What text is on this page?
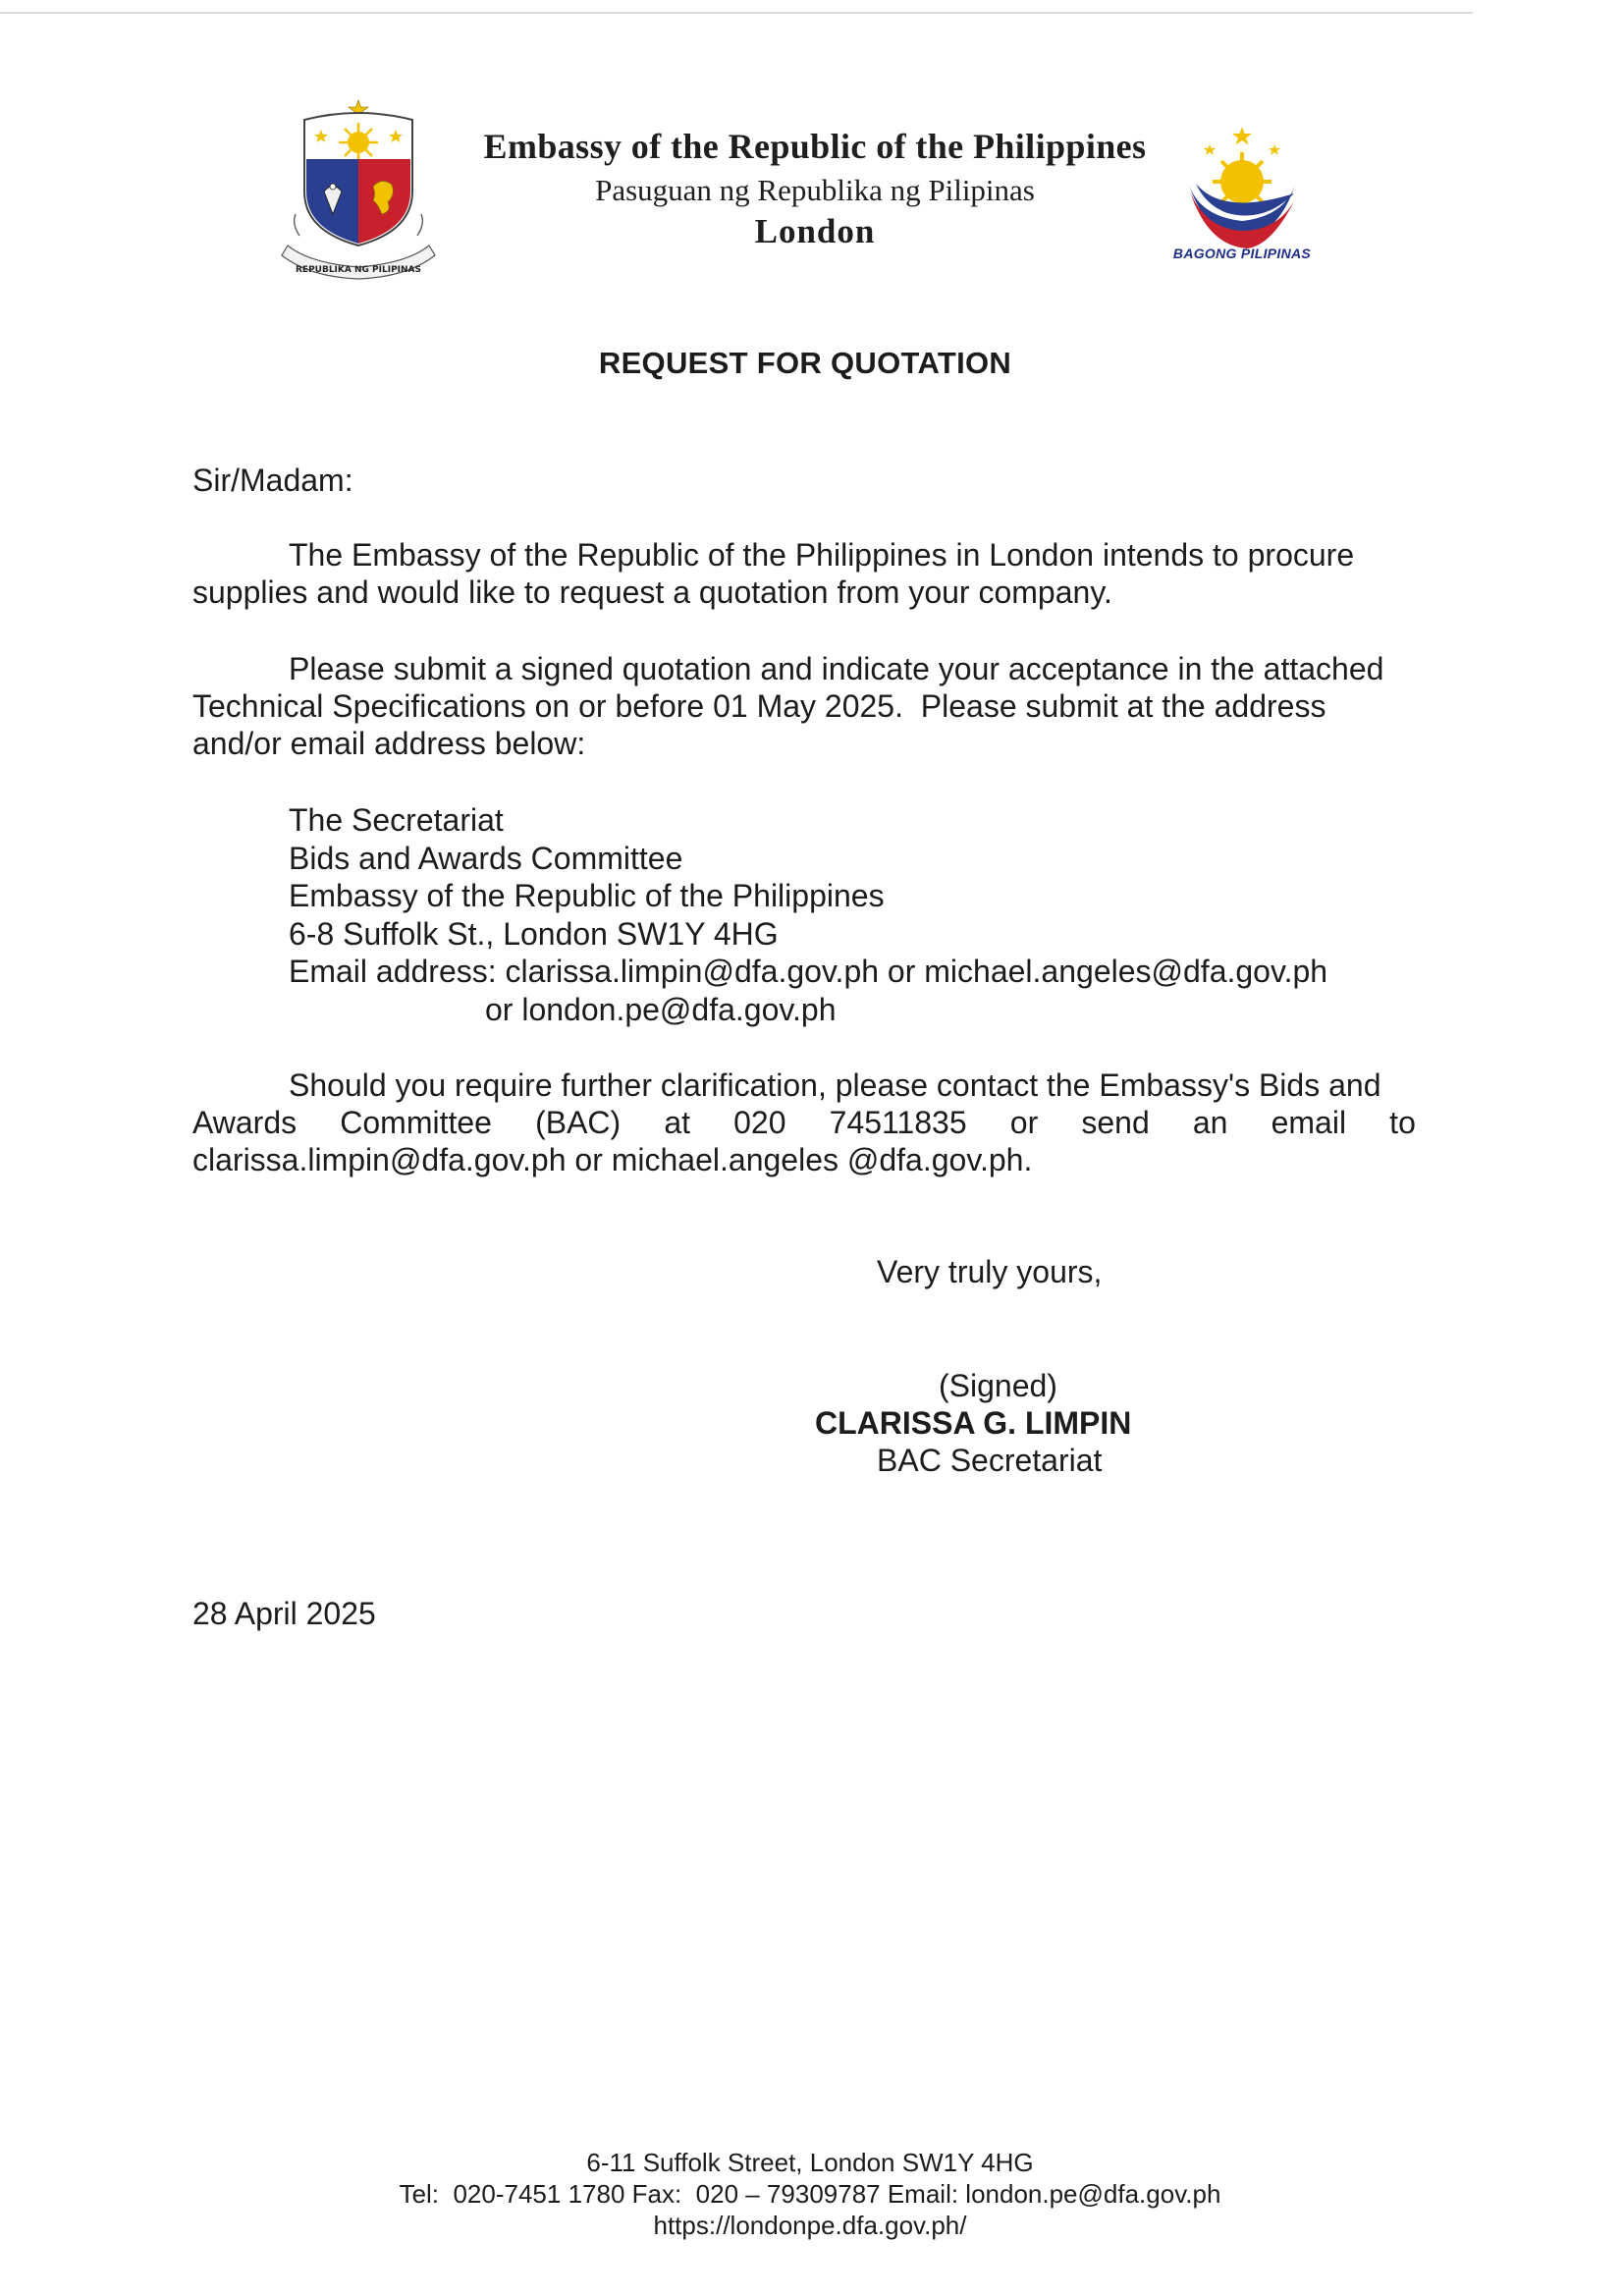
REPUBLIKA NG PILIPINAS
Embassy of the Republic of the Philippines
Pasuguan ng Republika ng Pilipinas
London
BAGONG PILIPINAS
REQUEST FOR QUOTATION
Sir/Madam:
The Embassy of the Republic of the Philippines in London intends to procure
supplies and would like to request a quotation from your company.
Please submit a signed quotation and indicate your acceptance in the attached
Technical Specifications on or before 01 May 2025.  Please submit at the address
and/or email address below:
The Secretariat
Bids and Awards Committee
Embassy of the Republic of the Philippines
6-8 Suffolk St., London SW1Y 4HG
Email address: clarissa.limpin@dfa.gov.ph or michael.angeles@dfa.gov.ph
or london.pe@dfa.gov.ph
Should you require further clarification, please contact the Embassy's Bids and
Awards Committee (BAC) at 020 74511835 or send an email to
clarissa.limpin@dfa.gov.ph or michael.angeles @dfa.gov.ph.
Very truly yours,
(Signed)
CLARISSA G. LIMPIN
BAC Secretariat
28 April 2025
6-11 Suffolk Street, London SW1Y 4HG
Tel:  020-7451 1780 Fax:  020 – 79309787 Email: london.pe@dfa.gov.ph
https://londonpe.dfa.gov.ph/
